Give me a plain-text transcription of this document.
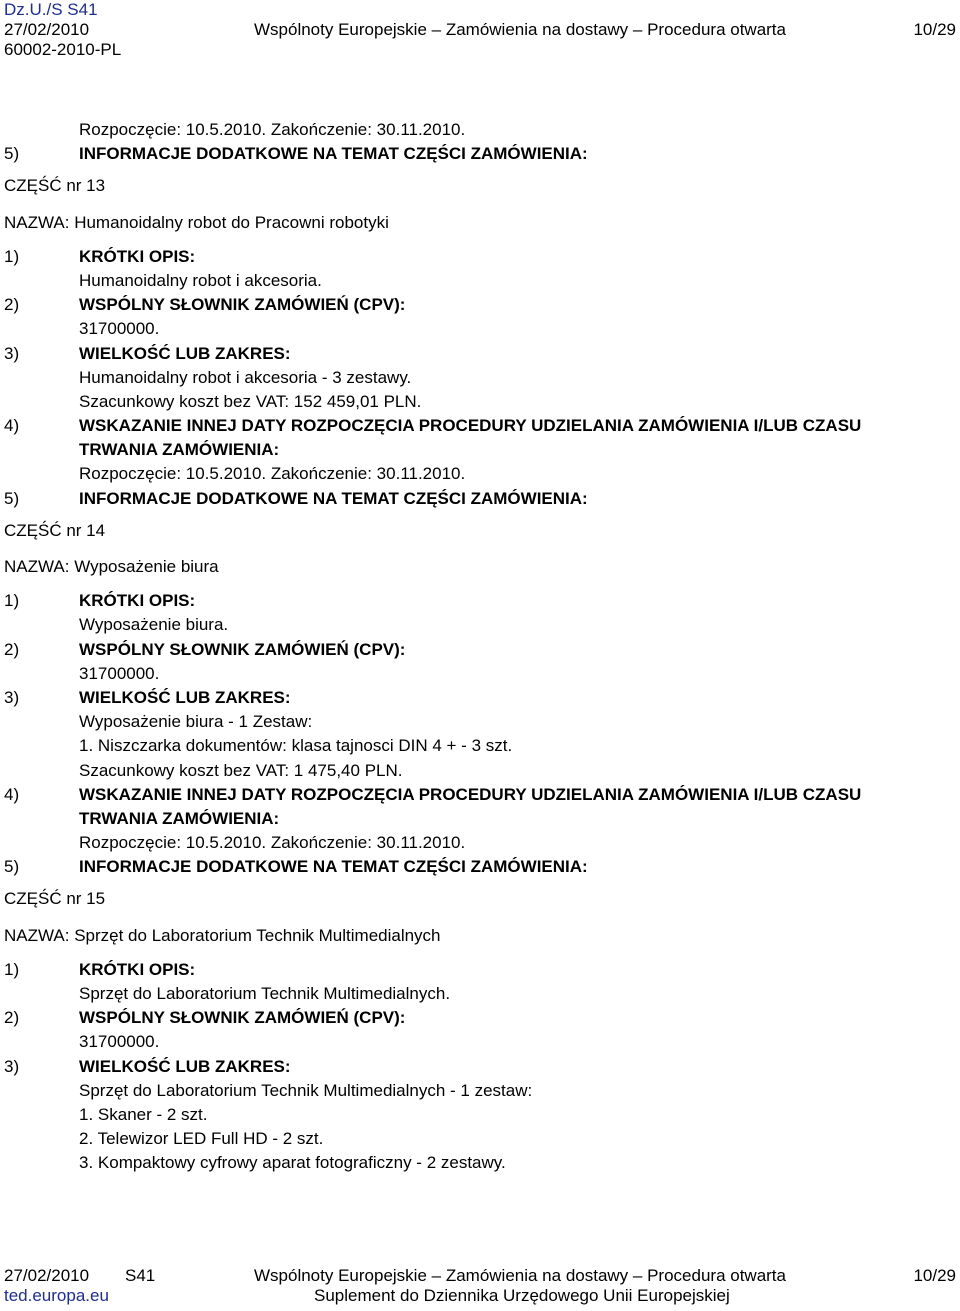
Dz.U./S S41
27/02/2010	Wspólnoty Europejskie – Zamówienia na dostawy – Procedura otwarta	10/29
60002-2010-PL
Rozpoczęcie: 10.5.2010. Zakończenie: 30.11.2010.
5)	INFORMACJE DODATKOWE NA TEMAT CZĘŚCI ZAMÓWIENIA:
CZĘŚĆ nr 13
NAZWA: Humanoidalny robot do Pracowni robotyki
1)	KRÓTKI OPIS:
Humanoidalny robot i akcesoria.
2)	WSPÓLNY SŁOWNIK ZAMÓWIEŃ (CPV):
31700000.
3)	WIELKOŚĆ LUB ZAKRES:
Humanoidalny robot i akcesoria - 3 zestawy.
Szacunkowy koszt bez VAT: 152 459,01 PLN.
4)	WSKAZANIE INNEJ DATY ROZPOCZĘCIA PROCEDURY UDZIELANIA ZAMÓWIENIA I/LUB CZASU
TRWANIA ZAMÓWIENIA:
Rozpoczęcie: 10.5.2010. Zakończenie: 30.11.2010.
5)	INFORMACJE DODATKOWE NA TEMAT CZĘŚCI ZAMÓWIENIA:
CZĘŚĆ nr 14
NAZWA: Wyposażenie biura
1)	KRÓTKI OPIS:
Wyposażenie biura.
2)	WSPÓLNY SŁOWNIK ZAMÓWIEŃ (CPV):
31700000.
3)	WIELKOŚĆ LUB ZAKRES:
Wyposażenie biura - 1 Zestaw:
1. Niszczarka dokumentów: klasa tajnosci DIN 4 + - 3 szt.
Szacunkowy koszt bez VAT: 1 475,40 PLN.
4)	WSKAZANIE INNEJ DATY ROZPOCZĘCIA PROCEDURY UDZIELANIA ZAMÓWIENIA I/LUB CZASU
TRWANIA ZAMÓWIENIA:
Rozpoczęcie: 10.5.2010. Zakończenie: 30.11.2010.
5)	INFORMACJE DODATKOWE NA TEMAT CZĘŚCI ZAMÓWIENIA:
CZĘŚĆ nr 15
NAZWA: Sprzęt do Laboratorium Technik Multimedialnych
1)	KRÓTKI OPIS:
Sprzęt do Laboratorium Technik Multimedialnych.
2)	WSPÓLNY SŁOWNIK ZAMÓWIEŃ (CPV):
31700000.
3)	WIELKOŚĆ LUB ZAKRES:
Sprzęt do Laboratorium Technik Multimedialnych - 1 zestaw:
1. Skaner - 2 szt.
2. Telewizor LED Full HD - 2 szt.
3. Kompaktowy cyfrowy aparat fotograficzny - 2 zestawy.
27/02/2010 S41	Wspólnoty Europejskie – Zamówienia na dostawy – Procedura otwarta	10/29
ted.europa.eu	Suplement do Dziennika Urzędowego Unii Europejskiej
